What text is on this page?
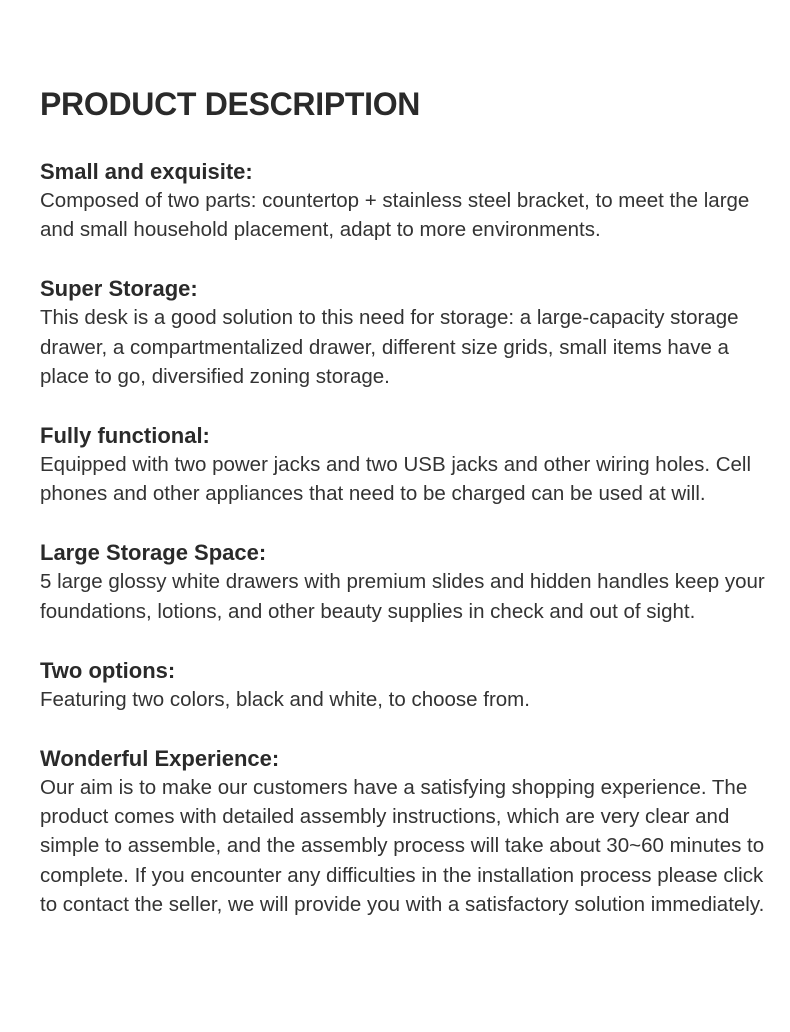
PRODUCT DESCRIPTION
Small and exquisite:

Composed of two parts: countertop + stainless steel bracket, to meet the large and small household placement, adapt to more environments.

Super Storage:

This desk is a good solution to this need for storage: a large-capacity storage drawer, a compartmentalized drawer, different size grids, small items have a place to go, diversified zoning storage.

Fully functional:

Equipped with two power jacks and two USB jacks and other wiring holes. Cell phones and other appliances that need to be charged can be used at will.

Large Storage Space:

5 large glossy white drawers with premium slides and hidden handles keep your foundations, lotions, and other beauty supplies in check and out of sight.

Two options:

Featuring two colors, black and white, to choose from.

Wonderful Experience:

Our aim is to make our customers have a satisfying shopping experience. The product comes with detailed assembly instructions, which are very clear and simple to assemble, and the assembly process will take about 30~60 minutes to complete. If you encounter any difficulties in the installation process please click to contact the seller, we will provide you with a satisfactory solution immediately.
